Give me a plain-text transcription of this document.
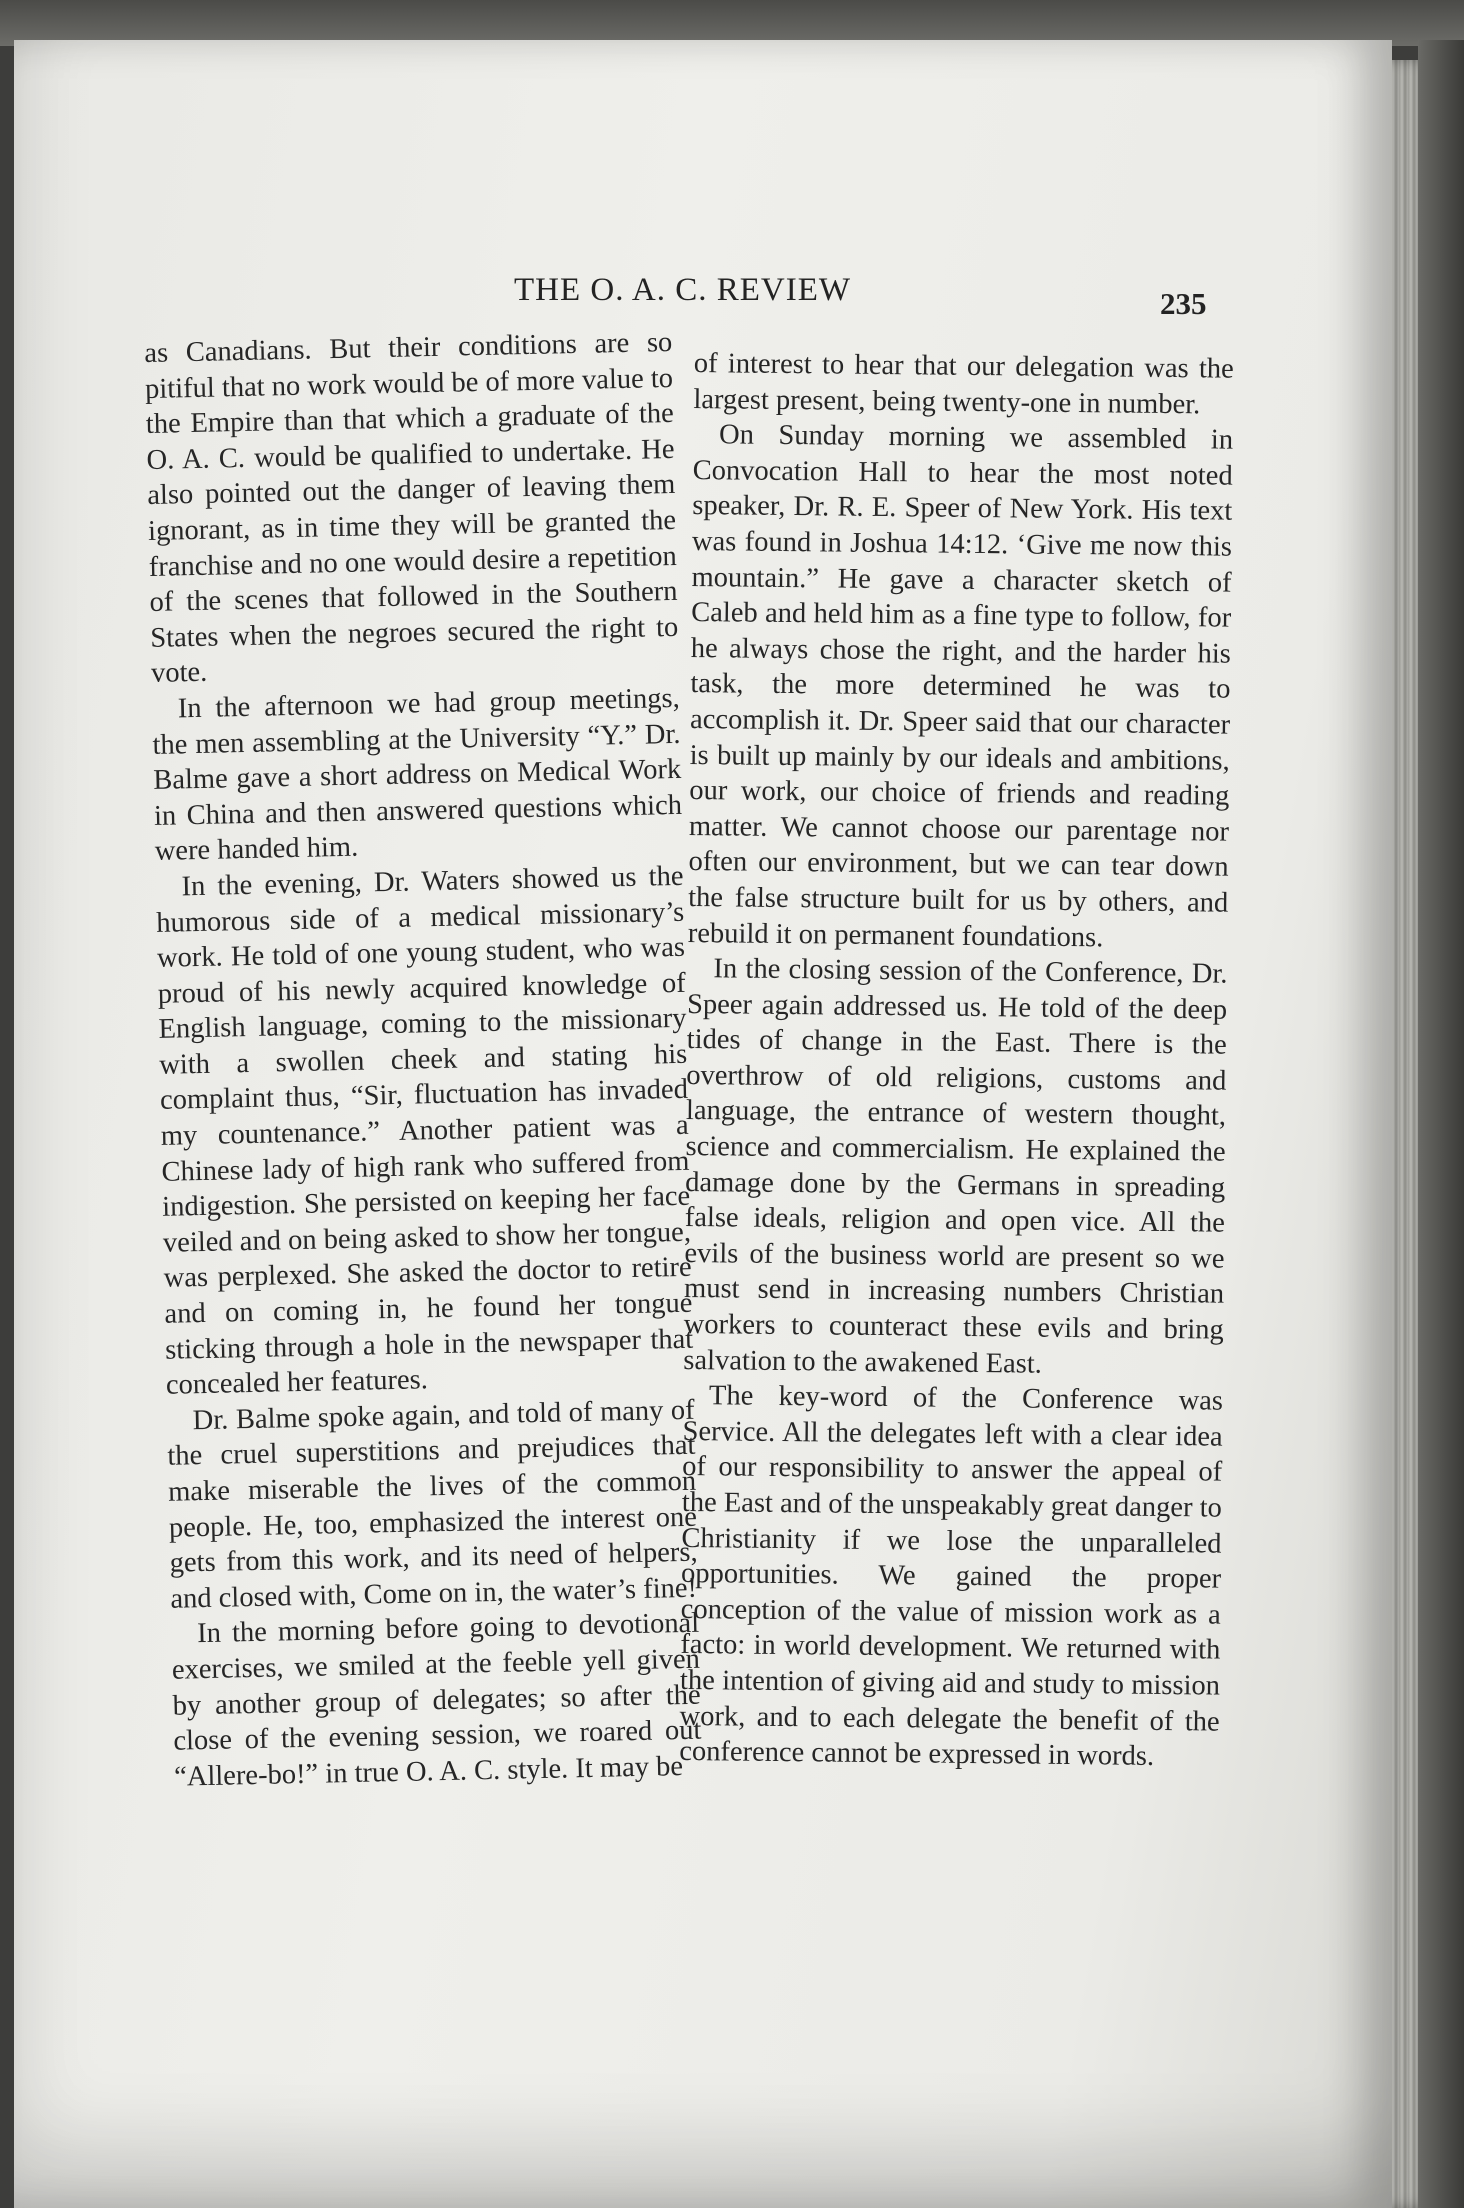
THE O. A. C. REVIEW	235

as Canadians. But their conditions are so pitiful that no work would be of more value to the Empire than that which a graduate of the O. A. C. would be qualified to undertake. He also pointed out the danger of leaving them ignorant, as in time they will be granted the franchise and no one would desire a repetition of the scenes that followed in the Southern States when the negroes secured the right to vote.

In the afternoon we had group meetings, the men assembling at the University “Y.” Dr. Balme gave a short address on Medical Work in China and then answered questions which were handed him.

In the evening, Dr. Waters showed us the humorous side of a medical missionary’s work. He told of one young student, who was proud of his newly acquired knowledge of English language, coming to the missionary with a swollen cheek and stating his complaint thus, “Sir, fluctuation has invaded my countenance.” Another patient was a Chinese lady of high rank who suffered from indigestion. She persisted on keeping her face veiled and on being asked to show her tongue, was perplexed. She asked the doctor to retire and on coming in, he found her tongue sticking through a hole in the newspaper that concealed her features.

Dr. Balme spoke again, and told of many of the cruel superstitions and prejudices that make miserable the lives of the common people. He, too, emphasized the interest one gets from this work, and its need of helpers, and closed with, Come on in, the water’s fine!

In the morning before going to devotional exercises, we smiled at the feeble yell given by another group of delegates; so after the close of the evening session, we roared out “Allere-bo!” in true O. A. C. style. It may be

of interest to hear that our delegation was the largest present, being twenty-one in number.

On Sunday morning we assembled in Convocation Hall to hear the most noted speaker, Dr. R. E. Speer of New York. His text was found in Joshua 14:12. ‘Give me now this mountain.” He gave a character sketch of Caleb and held him as a fine type to follow, for he always chose the right, and the harder his task, the more determined he was to accomplish it. Dr. Speer said that our character is built up mainly by our ideals and ambitions, our work, our choice of friends and reading matter. We cannot choose our parentage nor often our environment, but we can tear down the false structure built for us by others, and rebuild it on permanent foundations.

In the closing session of the Conference, Dr. Speer again addressed us. He told of the deep tides of change in the East. There is the overthrow of old religions, customs and language, the entrance of western thought, science and commercialism. He explained the damage done by the Germans in spreading false ideals, religion and open vice. All the evils of the business world are present so we must send in increasing numbers Christian workers to counteract these evils and bring salvation to the awakened East.

The key-word of the Conference was Service. All the delegates left with a clear idea of our responsibility to answer the appeal of the East and of the unspeakably great danger to Christianity if we lose the unparalleled opportunities. We gained the proper conception of the value of mission work as a facto: in world development. We returned with the intention of giving aid and study to mission work, and to each delegate the benefit of the conference cannot be expressed in words.
